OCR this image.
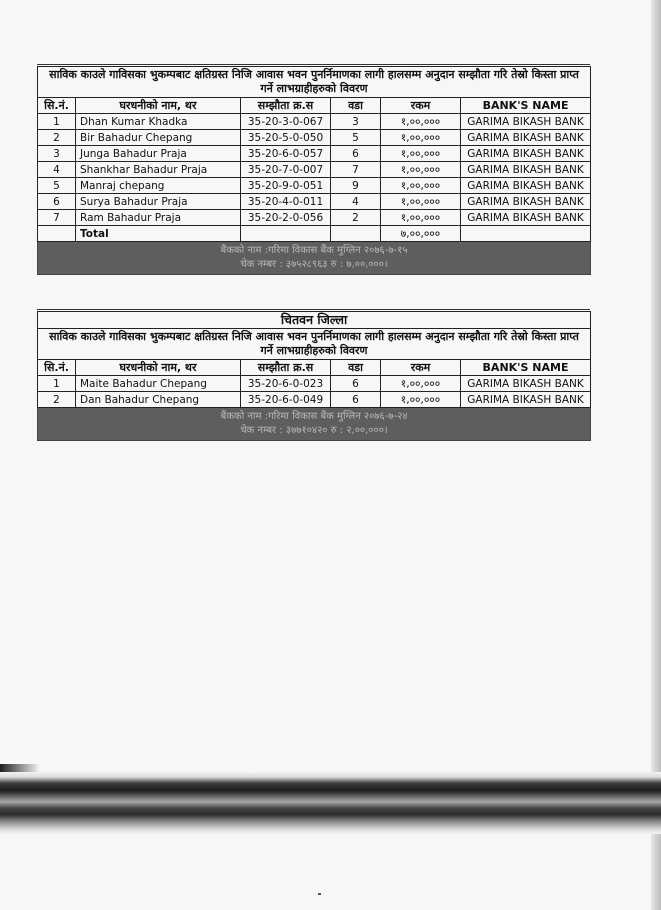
साविक काउले गाविसका भुकम्पबाट क्षतिग्रस्त निजि आवास भवन पुनर्निमाणका लागी हालसम्म अनुदान सम्झौता गरि तेस्रो किस्ता प्राप्त गर्ने लाभग्राहीहरुको विवरण					
सि.नं.	घरधनीको नाम, थर	सम्झौता क्र.स	वडा	रकम	BANK'S NAME
1	Dhan Kumar Khadka	35-20-3-0-067	3	१,००,०००	GARIMA BIKASH BANK
2	Bir Bahadur Chepang	35-20-5-0-050	5	१,००,०००	GARIMA BIKASH BANK
3	Junga Bahadur Praja	35-20-6-0-057	6	१,००,०००	GARIMA BIKASH BANK
4	Shankhar Bahadur Praja	35-20-7-0-007	7	१,००,०००	GARIMA BIKASH BANK
5	Manraj chepang	35-20-9-0-051	9	१,००,०००	GARIMA BIKASH BANK
6	Surya Bahadur Praja	35-20-4-0-011	4	१,००,०००	GARIMA BIKASH BANK
7	Ram Bahadur Praja	35-20-2-0-056	2	१,००,०००	GARIMA BIKASH BANK
	Total			७,००,०००	

बैंकको नाम :गरिमा विकास बैंक मुग्लिन २०७६-७-१५
चेक नम्बर : ३७५२८९६३ रु : ७,००,०००।					
चितवन जिल्ला					
साविक काउले गाविसका भुकम्पबाट क्षतिग्रस्त निजि आवास भवन पुनर्निमाणका लागी हालसम्म अनुदान सम्झौता गरि तेस्रो किस्ता प्राप्त गर्ने लाभग्राहीहरुको विवरण					
सि.नं.	घरधनीको नाम, थर	सम्झौता क्र.स	वडा	रकम	BANK'S NAME
1	Maite Bahadur Chepang	35-20-6-0-023	6	१,००,०००	GARIMA BIKASH BANK
2	Dan Bahadur Chepang	35-20-6-0-049	6	१,००,०००	GARIMA BIKASH BANK

बैंकको नाम :गरिमा विकास बैंक मुग्लिन २०७६-७-२४
चेक नम्बर : ३७७१०४२० रु : २,००,०००।					
